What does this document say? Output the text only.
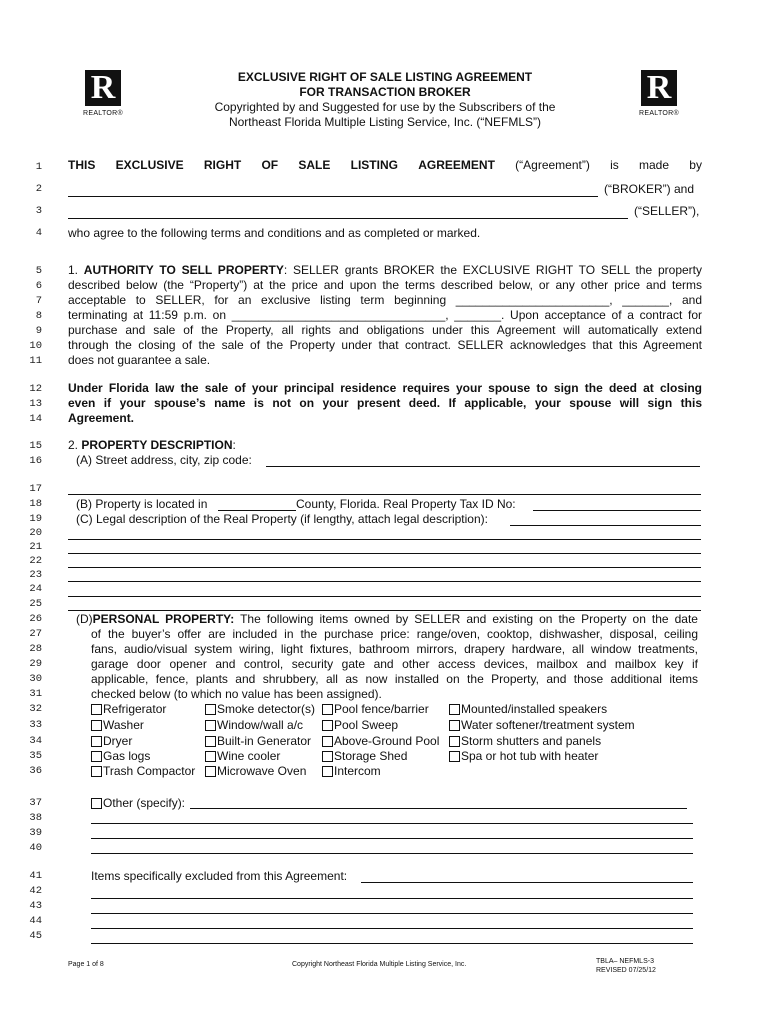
R
REALTOR®
R
REALTOR®
EXCLUSIVE RIGHT OF SALE LISTING AGREEMENT
FOR TRANSACTION BROKER
Copyrighted by and Suggested for use by the Subscribers of the
Northeast Florida Multiple Listing Service, Inc. (“NEFMLS”)
1
2
3
4
5
6
7
8
9
10
11
12
13
14
15
16
17
18
19
20
21
22
23
24
25
26
27
28
29
30
31
32
33
34
35
36
37
38
39
40
41
42
43
44
45
THIS EXCLUSIVE RIGHT OF SALE LISTING AGREEMENT (“Agreement”) is made by
(“BROKER”) and
(“SELLER”),
who agree to the following terms and conditions and as completed or marked.
1. AUTHORITY TO SELL PROPERTY: SELLER grants BROKER the EXCLUSIVE RIGHT TO SELL the property
described below (the “Property”) at the price and upon the terms described below, or any other price and terms
acceptable to SELLER, for an exclusive listing term beginning _______________________, _______, and
terminating at 11:59 p.m. on ________________________________, _______. Upon acceptance of a contract for
purchase and sale of the Property, all rights and obligations under this Agreement will automatically extend
through the closing of the sale of the Property under that contract. SELLER acknowledges that this Agreement
does not guarantee a sale.
Under Florida law the sale of your principal residence requires your spouse to sign the deed at closing
even if your spouse’s name is not on your present deed. If applicable, your spouse will sign this
Agreement.
2. PROPERTY DESCRIPTION:
(A) Street address, city, zip code:
(B) Property is located in	County, Florida. Real Property Tax ID No:
(C) Legal description of the Real Property (if lengthy, attach legal description):
(D)PERSONAL PROPERTY: The following items owned by SELLER and existing on the Property on the date
of the buyer’s offer are included in the purchase price: range/oven, cooktop, dishwasher, disposal, ceiling
fans, audio/visual system wiring, light fixtures, bathroom mirrors, drapery hardware, all window treatments,
garage door opener and control, security gate and other access devices, mailbox and mailbox key if
applicable, fence, plants and shrubbery, all as now installed on the Property, and those additional items
checked below (to which no value has been assigned).
Refrigerator	Smoke detector(s)	Pool fence/barrier	Mounted/installed speakers
Washer	Window/wall a/c	Pool Sweep	Water softener/treatment system
Dryer	Built-in Generator	Above-Ground Pool	Storm shutters and panels
Gas logs	Wine cooler	Storage Shed	Spa or hot tub with heater
Trash Compactor	Microwave Oven	Intercom
Other (specify):
Items specifically excluded from this Agreement:
Page 1 of 8	Copyright Northeast Florida Multiple Listing Service, Inc.	TBLA– NEFMLS-3
REVISED 07/25/12
